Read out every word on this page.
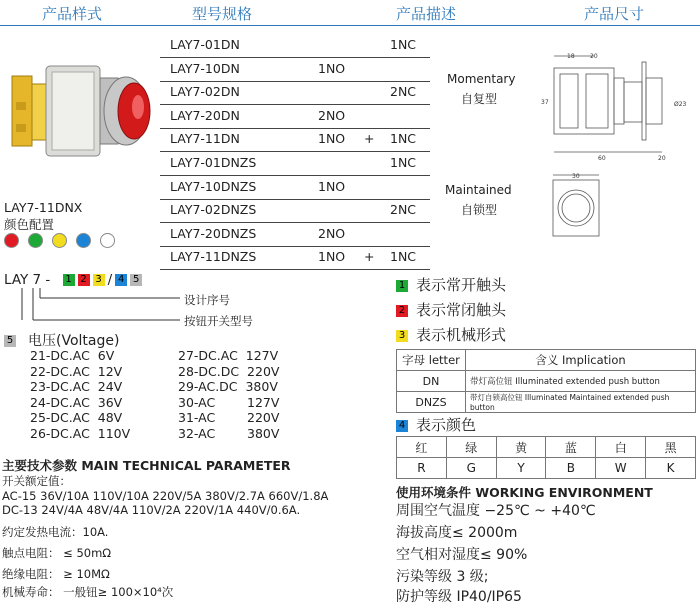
产品样式	型号规格	产品描述	产品尺寸
LAY7-11DNX
颜色配置

LAY7-01DN	1NC
LAY7-10DN	1NO
LAY7-02DN	2NC
LAY7-20DN	2NO
LAY7-11DN	1NO + 1NC
LAY7-01DNZS	1NC
LAY7-10DNZS	1NO
LAY7-02DNZS	2NC
LAY7-20DNZS	2NO
LAY7-11DNZS	1NO + 1NC
Momentary
自复型
Maintained
自锁型
18	20
37
60	20
Ø23
30
LAY 7 - 1 2 3 / 4 5
设计序号
按钮开关型号
5 电压(Voltage)
21-DC.AC  6V
22-DC.AC  12V
23-DC.AC  24V
24-DC.AC  36V
25-DC.AC  48V
26-DC.AC  110V
27-DC.AC  127V
28-DC.DC  220V
29-AC.DC  380V
30-AC        127V
31-AC        220V
32-AC        380V
主要技术参数 MAIN TECHNICAL PARAMETER
开关额定值：
AC-15 36V/10A 110V/10A 220V/5A 380V/2.7A 660V/1.8A
DC-13 24V/4A 48V/4A 110V/2A 220V/1A 440V/0.6A.
约定发热电流：10A.
触点电阻： ≤ 50mΩ
绝缘电阻： ≥ 10MΩ
机械寿命： 一般钮≥ 100×10⁴次
1 表示常开触头
2 表示常闭触头
3 表示机械形式
字母 letter	含义 Implication
DN	带灯高位钮 Illuminated extended push button
DNZS	带灯自锁高位钮 Illuminated Maintained extended push button
4 表示颜色
红	绿	黄	蓝	白	黑
R	G	Y	B	W	K
使用环境条件 WORKING ENVIRONMENT
周围空气温度 −25℃ ~ +40℃
海拔高度≤ 2000m
空气相对湿度≤ 90%
污染等级 3 级;
防护等级 IP40/IP65
